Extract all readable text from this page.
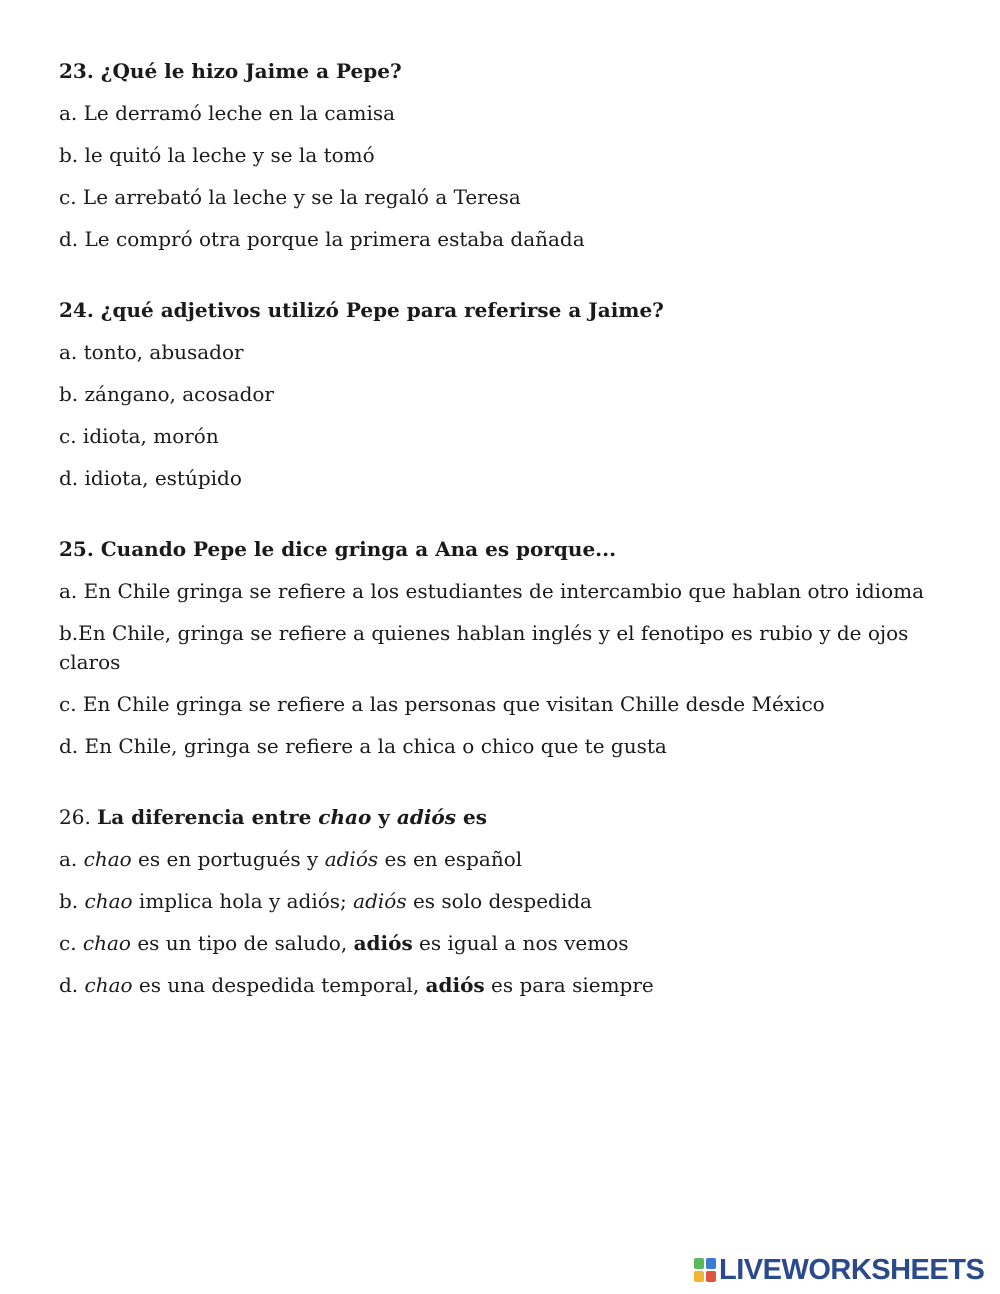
23. ¿Qué le hizo Jaime a Pepe?

a. Le derramó leche en la camisa

b. le quitó la leche y se la tomó

c. Le arrebató la leche y se la regaló a Teresa

d. Le compró otra porque la primera estaba dañada

24. ¿qué adjetivos utilizó Pepe para referirse a Jaime?

a. tonto, abusador

b. zángano, acosador

c. idiota, morón

d. idiota, estúpido

25. Cuando Pepe le dice gringa a Ana es porque...

a. En Chile gringa se refiere a los estudiantes de intercambio que hablan otro idioma

b.En Chile, gringa se refiere a quienes hablan inglés y el fenotipo es rubio y de ojos claros

c. En Chile gringa se refiere a las personas que visitan Chille desde México

d. En Chile, gringa se refiere a la chica o chico que te gusta

26. La diferencia entre chao y adiós es

a. chao es en portugués y adiós es en español

b. chao implica hola y adiós; adiós es solo despedida

c. chao es un tipo de saludo, adiós es igual a nos vemos

d. chao es una despedida temporal, adiós es para siempre

LIVEWORKSHEETS
